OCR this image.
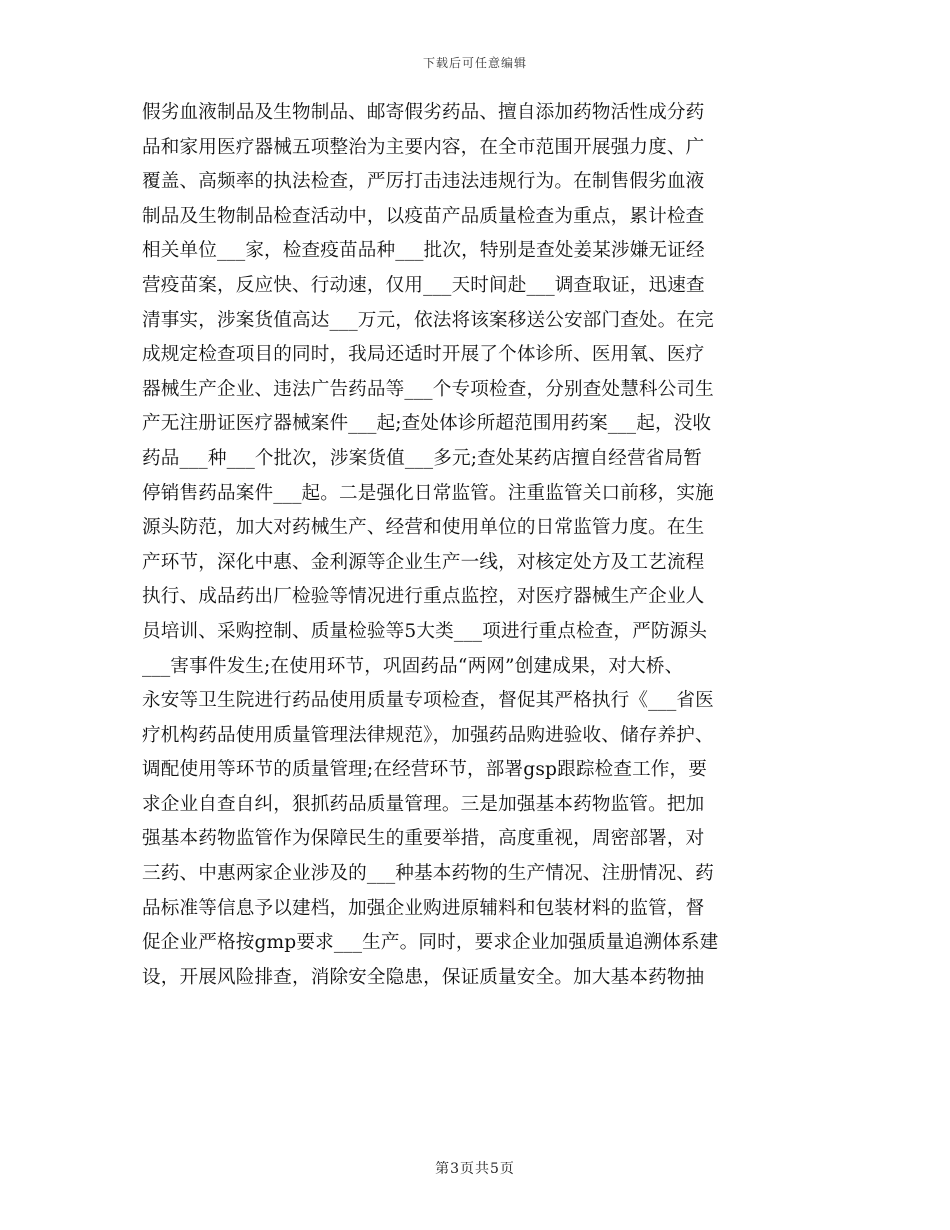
下载后可任意编辑
假劣血液制品及生物制品、邮寄假劣药品、擅自添加药物活性成分药
品和家用医疗器械五项整治为主要内容，在全市范围开展强力度、广
覆盖、高频率的执法检查，严厉打击违法违规行为。在制售假劣血液
制品及生物制品检查活动中，以疫苗产品质量检查为重点，累计检查
相关单位___家，检查疫苗品种___批次，特别是查处姜某涉嫌无证经
营疫苗案，反应快、行动速，仅用___天时间赴___调查取证，迅速查
清事实，涉案货值高达___万元，依法将该案移送公安部门查处。在完
成规定检查项目的同时，我局还适时开展了个体诊所、医用氧、医疗
器械生产企业、违法广告药品等___个专项检查，分别查处慧科公司生
产无注册证医疗器械案件___起;查处体诊所超范围用药案___起，没收
药品___种___个批次，涉案货值___多元;查处某药店擅自经营省局暂
停销售药品案件___起。二是强化日常监管。注重监管关口前移，实施
源头防范，加大对药械生产、经营和使用单位的日常监管力度。在生
产环节，深化中惠、金利源等企业生产一线，对核定处方及工艺流程
执行、成品药出厂检验等情况进行重点监控，对医疗器械生产企业人
员培训、采购控制、质量检验等5大类___项进行重点检查，严防源头
___害事件发生;在使用环节，巩固药品“两网”创建成果，对大桥、
永安等卫生院进行药品使用质量专项检查，督促其严格执行《___省医
疗机构药品使用质量管理法律规范》，加强药品购进验收、储存养护、
调配使用等环节的质量管理;在经营环节，部署gsp跟踪检查工作，要
求企业自查自纠，狠抓药品质量管理。三是加强基本药物监管。把加
强基本药物监管作为保障民生的重要举措，高度重视，周密部署，对
三药、中惠两家企业涉及的___种基本药物的生产情况、注册情况、药
品标准等信息予以建档，加强企业购进原辅料和包装材料的监管，督
促企业严格按gmp要求___生产。同时，要求企业加强质量追溯体系建
设，开展风险排查，消除安全隐患，保证质量安全。加大基本药物抽
第3页共5页
